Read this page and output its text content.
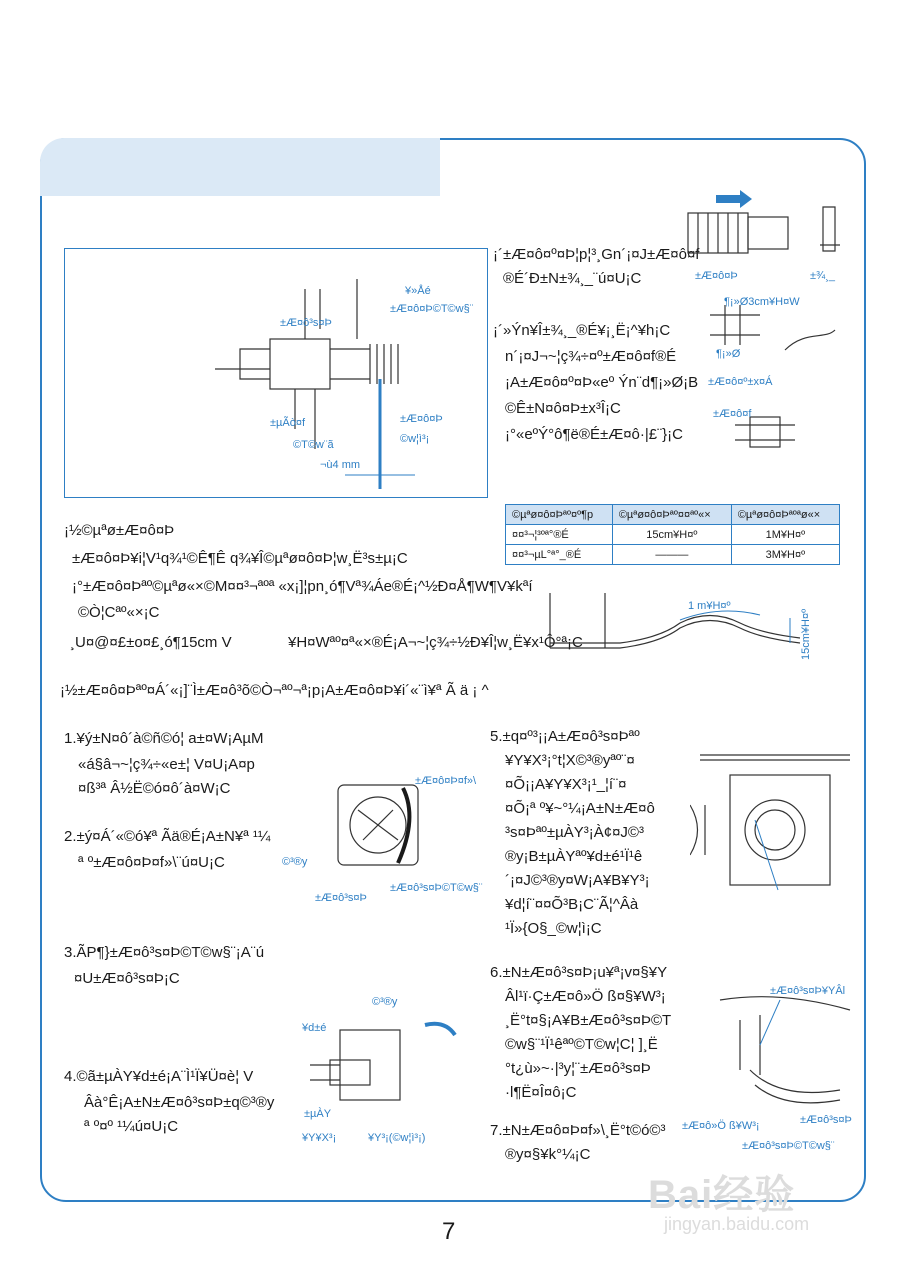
±Æ¤ô³s¤Þ
¥»Åé
±Æ¤ô¤Þ©T©w§¨
±µÃò¤f	±Æ¤ô¤Þ
©T©w¨ã	©w¦ì³¡
¬ù4 mm
¡´±Æ¤ô¤º¤Þ¦p¦³¸Gn´¡¤J±Æ¤ô¤f
®É´Ð±N±¾¸_¨ú¤U¡C
¡´»Ýn¥Î±¾¸_®É¥¡¸Ë¡^¥h¡C
n´¡¤J¬~¦ç¾÷¤º±Æ¤ô¤f®É
¡A±Æ¤ô¤º¤Þ«eº Ýn¨d¶¡»Ø¡B
©Ê±N¤ô¤Þ±x³Î¡C
¡°«eºÝ°ô¶ë®É±Æ¤ô·|£¨}¡C
±Æ¤ô¤Þ	±¾¸_
¶¡»Ø3cm¥H¤W
¶¡»Ø
±Æ¤ô¤º±x¤Á
±Æ¤ô¤f
¡½©µªø±Æ¤ô¤Þ
±Æ¤ô¤Þ¥i¦V¹q¾¹©Ê¶Ê q¾¥Î©µªø¤ô¤Þ¦w¸Ë³s±µ¡C
¡°±Æ¤ô¤Þªº©µªø«×©M¤¤³¬ªºª «x¡]¦pn¸ó¶Vª¾Áe®É¡^½Ð¤Å¶W¶V¥kªí
©Ò¦Cªº«×¡C
¸U¤@¤£±o¤£¸ó¶15cm V	¥H¤Wªº¤ª«×®É¡A¬~¦ç¾÷½Ð¥Î¦w¸Ë¥x¹Ô°ª¡C
©µªø¤ô¤Þªº¤º¶p	©µªø¤ô¤Þªº¤¤ªº«×	©µªø¤ô¤Þªºªø«×
¤¤³¬¦³ºª°®É	15cm¥H¤º	1M¥H¤º
¤¤³¬µL°ª°_®É	———	3M¥H¤º
1 m¥H¤º
15cm¥H¤º
¡½±Æ¤ô¤Þªº¤Á´«¡]¨Ì±Æ¤ô³õ©Ò¬ªº¬ª¡p¡A±Æ¤ô¤Þ¥i´«¨ì¥ª Ã ä ¡ ^
1.¥ý±N¤ô´à©ñ©ó¦ a±¤W¡AµM
«á§â¬~¦ç¾÷«e±¦ V¤U¡A¤p
¤ß³ª Â½Ë©ó¤ô´à¤W¡C
2.±ý¤Á´«©ó¥ª Ãä®É¡A±N¥ª ¹¼
ª º±Æ¤ô¤Þ¤f»\¨ú¤U¡C
3.ÃP¶}±Æ¤ô³s¤Þ©T©w§¨¡A¨ú
¤U±Æ¤ô³s¤Þ¡C
4.©ã±µÀY¥d±é¡A¨Ì¹Ï¥Ü¤è¦ V
Âà°Ê¡A±N±Æ¤ô³s¤Þ±q©³®y
ª º¤º ¹¼ú¤U¡C
±Æ¤ô¤Þ¤f»\
©³®y
±Æ¤ô³s¤Þ
±Æ¤ô³s¤Þ©T©w§¨
©³®y
¥d±é
±µÀY
¥Y¥X³¡	¥Y³¡(©w¦ì³¡)
5.±q¤º³¡¡A±Æ¤ô³s¤Þªº
¥Y¥X³¡°t¦X©³®yªº¨¤
¤Õ¡¡A¥Y¥X³¡¹_¦í¨¤
¤Õ¡ª º¥~°¼¡A±N±Æ¤ô
³s¤Þªº±µÀY³¡À¢¤J©³
®y¡B±µÀYªº¥d±é¹Ï¹ê
´¡¤J©³®y¤W¡A¥B¥Y³¡
¥d¦í¨¤¤Õ³B¡C¨Ã¦^Âà
¹Ï»{O§_©w¦ì¡C
6.±N±Æ¤ô³s¤Þ¡u¥ª¡v¤§¥Y
Âl¹ï·Ç±Æ¤ô»Ö ß¤§¥W³¡
¸Ë°t¤§¡A¥B±Æ¤ô³s¤Þ©T
©w§¨¹Ï¹êªº©T©w¦C¦ ]¸Ë
°t¿ù»~·|³y¦¨±Æ¤ô³s¤Þ
·l¶Ë¤Î¤ô¡C
7.±N±Æ¤ô¤Þ¤f»\¸Ë°t©ó©³
®y¤§¥k°¼¡C
±Æ¤ô³s¤Þ¥YÂl
±Æ¤ô»Ö ß¥W³¡	±Æ¤ô³s¤Þ
±Æ¤ô³s¤Þ©T©w§¨
Bai经验
jingyan.baidu.com
7
